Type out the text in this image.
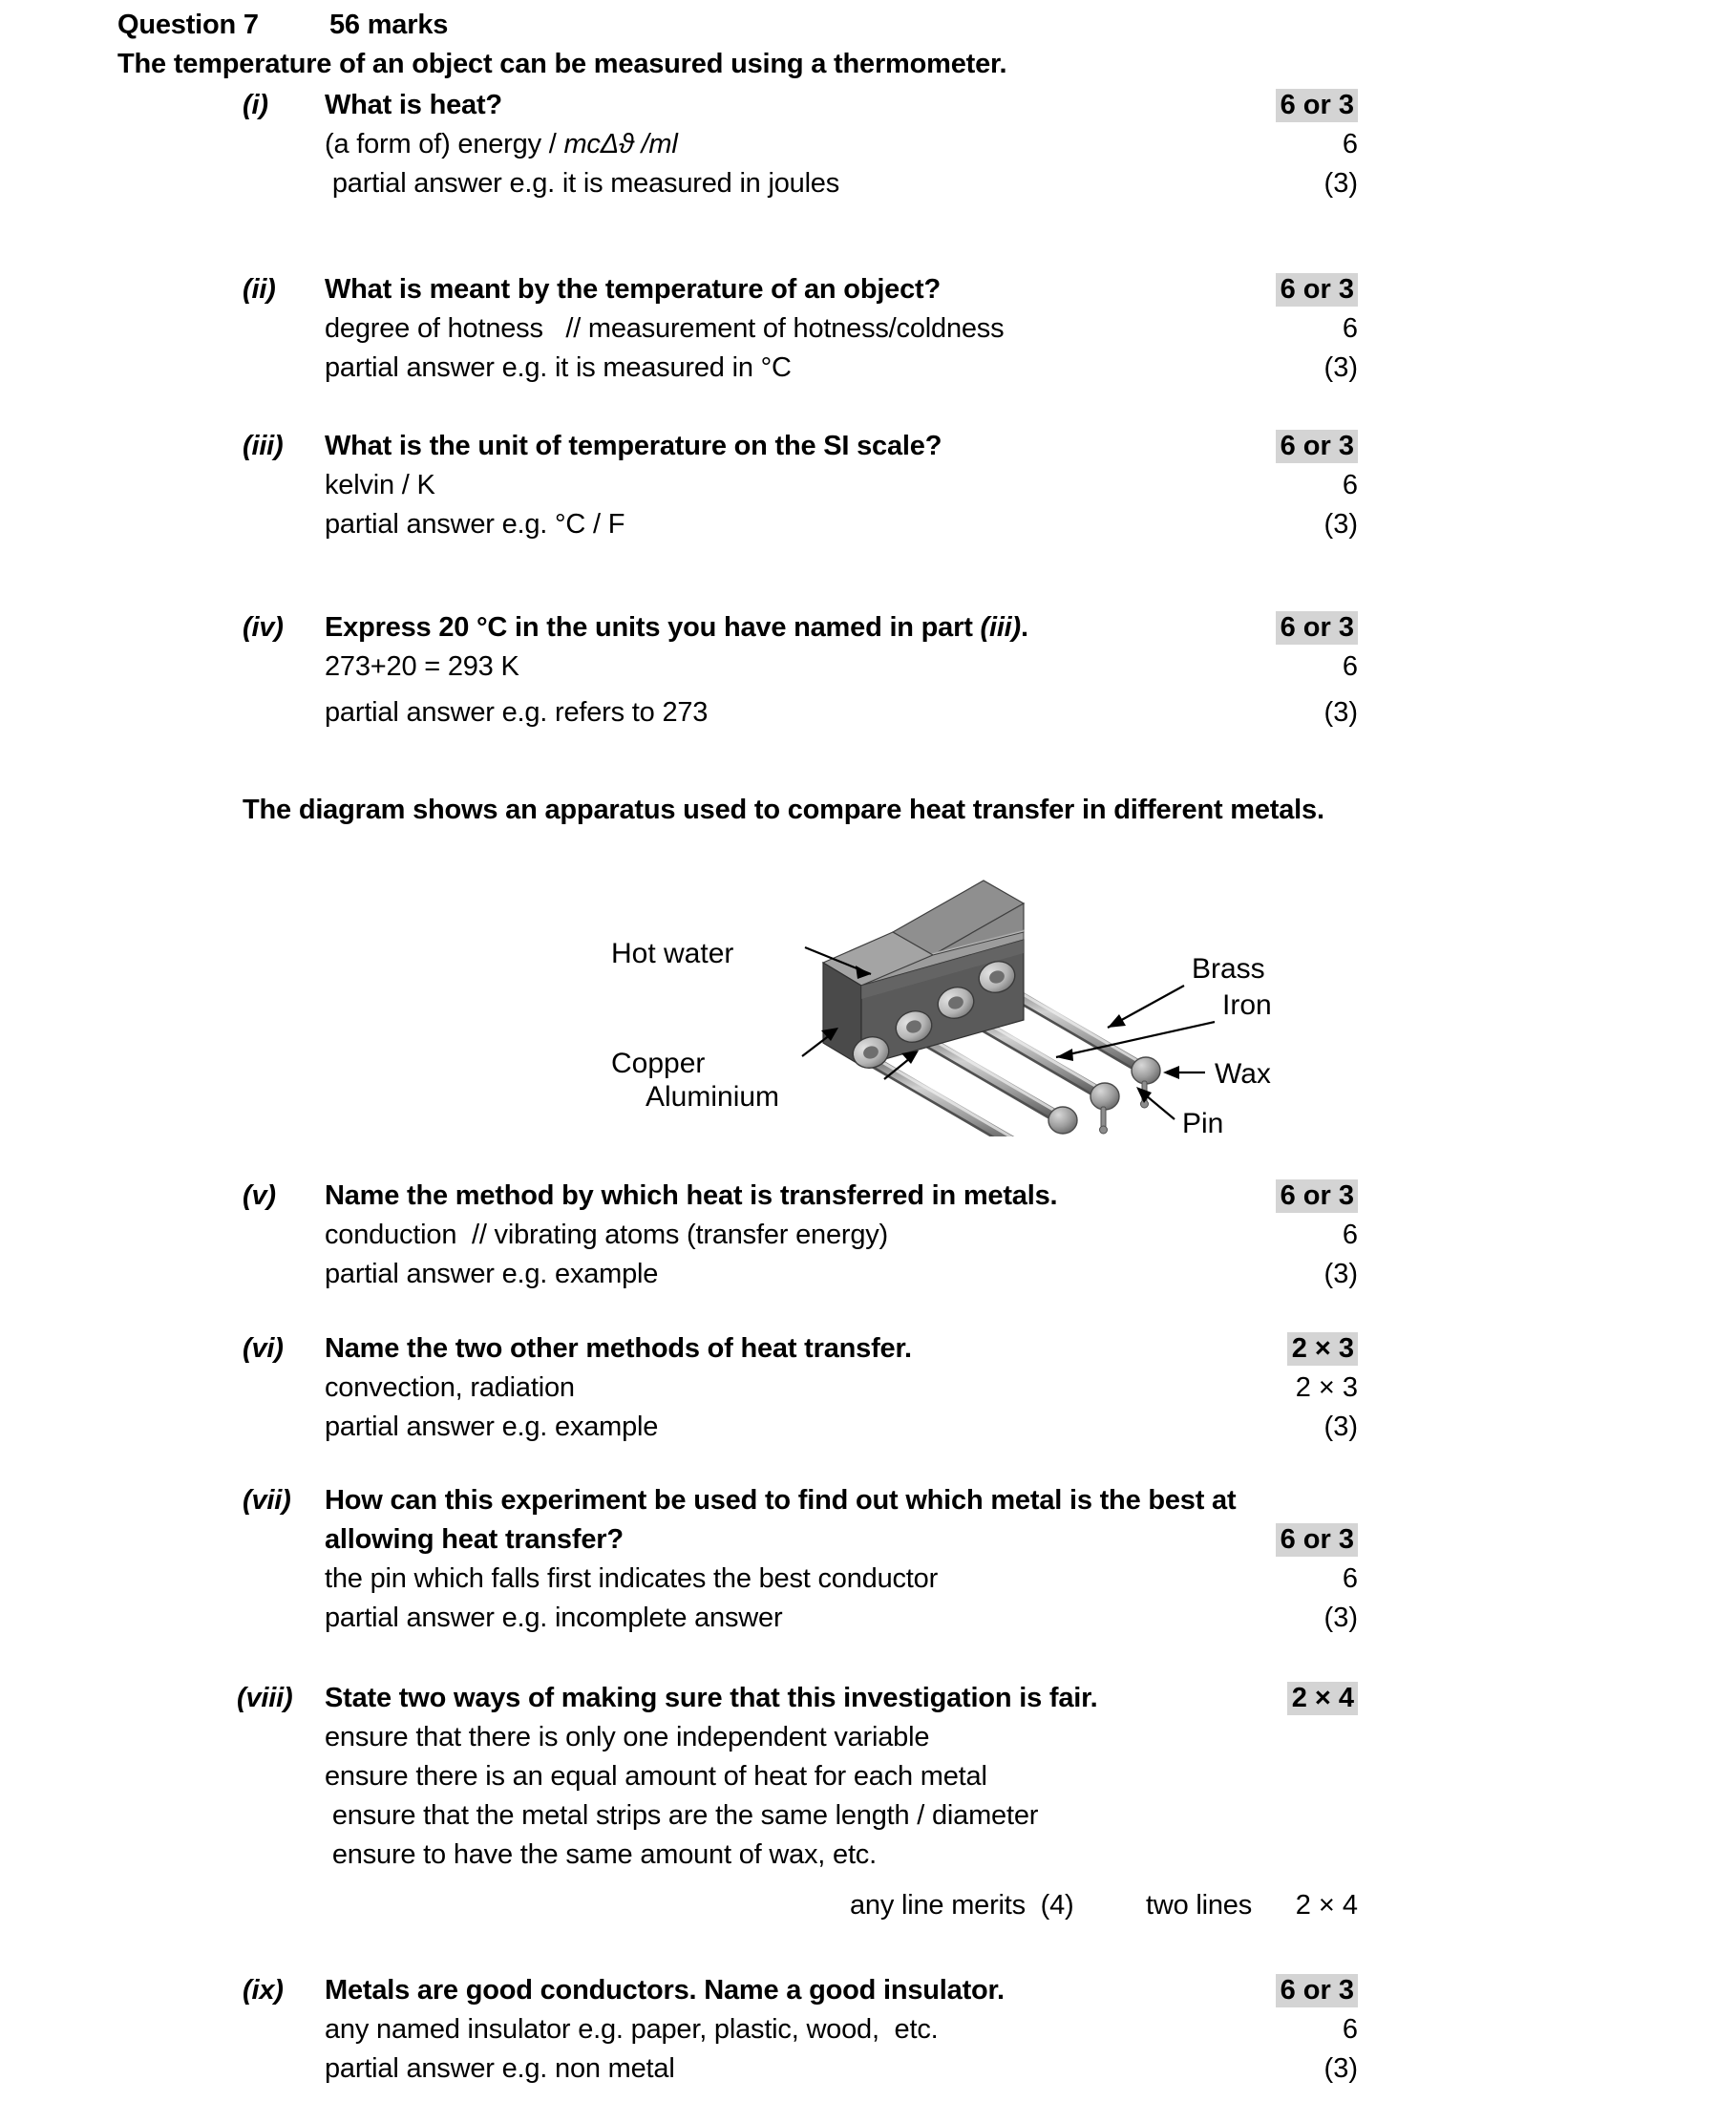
Question 7	56 marks
The temperature of an object can be measured using a thermometer.
(i) What is heat?	6 or 3
(a form of) energy / mcΔϑ /ml	6
partial answer e.g. it is measured in joules	(3)
(ii) What is meant by the temperature of an object?	6 or 3
degree of hotness   // measurement of hotness/coldness	6
partial answer e.g. it is measured in °C	(3)
(iii) What is the unit of temperature on the SI scale?	6 or 3
kelvin / K	6
partial answer e.g. °C / F	(3)
(iv) Express 20 °C in the units you have named in part (iii).	6 or 3
273+20 = 293 K	6
partial answer e.g. refers to 273	(3)
The diagram shows an apparatus used to compare heat transfer in different metals.
Hot water	Brass
Iron
Wax
Copper
Aluminium
Pin
(v) Name the method by which heat is transferred in metals.	6 or 3
conduction  // vibrating atoms (transfer energy)	6
partial answer e.g. example	(3)
(vi) Name the two other methods of heat transfer.	2 × 3
convection, radiation	2 × 3
partial answer e.g. example	(3)
(vii) How can this experiment be used to find out which metal is the best at
allowing heat transfer?	6 or 3
the pin which falls first indicates the best conductor	6
partial answer e.g. incomplete answer	(3)
(viii) State two ways of making sure that this investigation is fair.	2 × 4
ensure that there is only one independent variable
ensure there is an equal amount of heat for each metal
ensure that the metal strips are the same length / diameter
ensure to have the same amount of wax, etc.
any line merits  (4)	two lines	2 × 4
(ix) Metals are good conductors. Name a good insulator.	6 or 3
any named insulator e.g. paper, plastic, wood,  etc.	6
partial answer e.g. non metal	(3)
